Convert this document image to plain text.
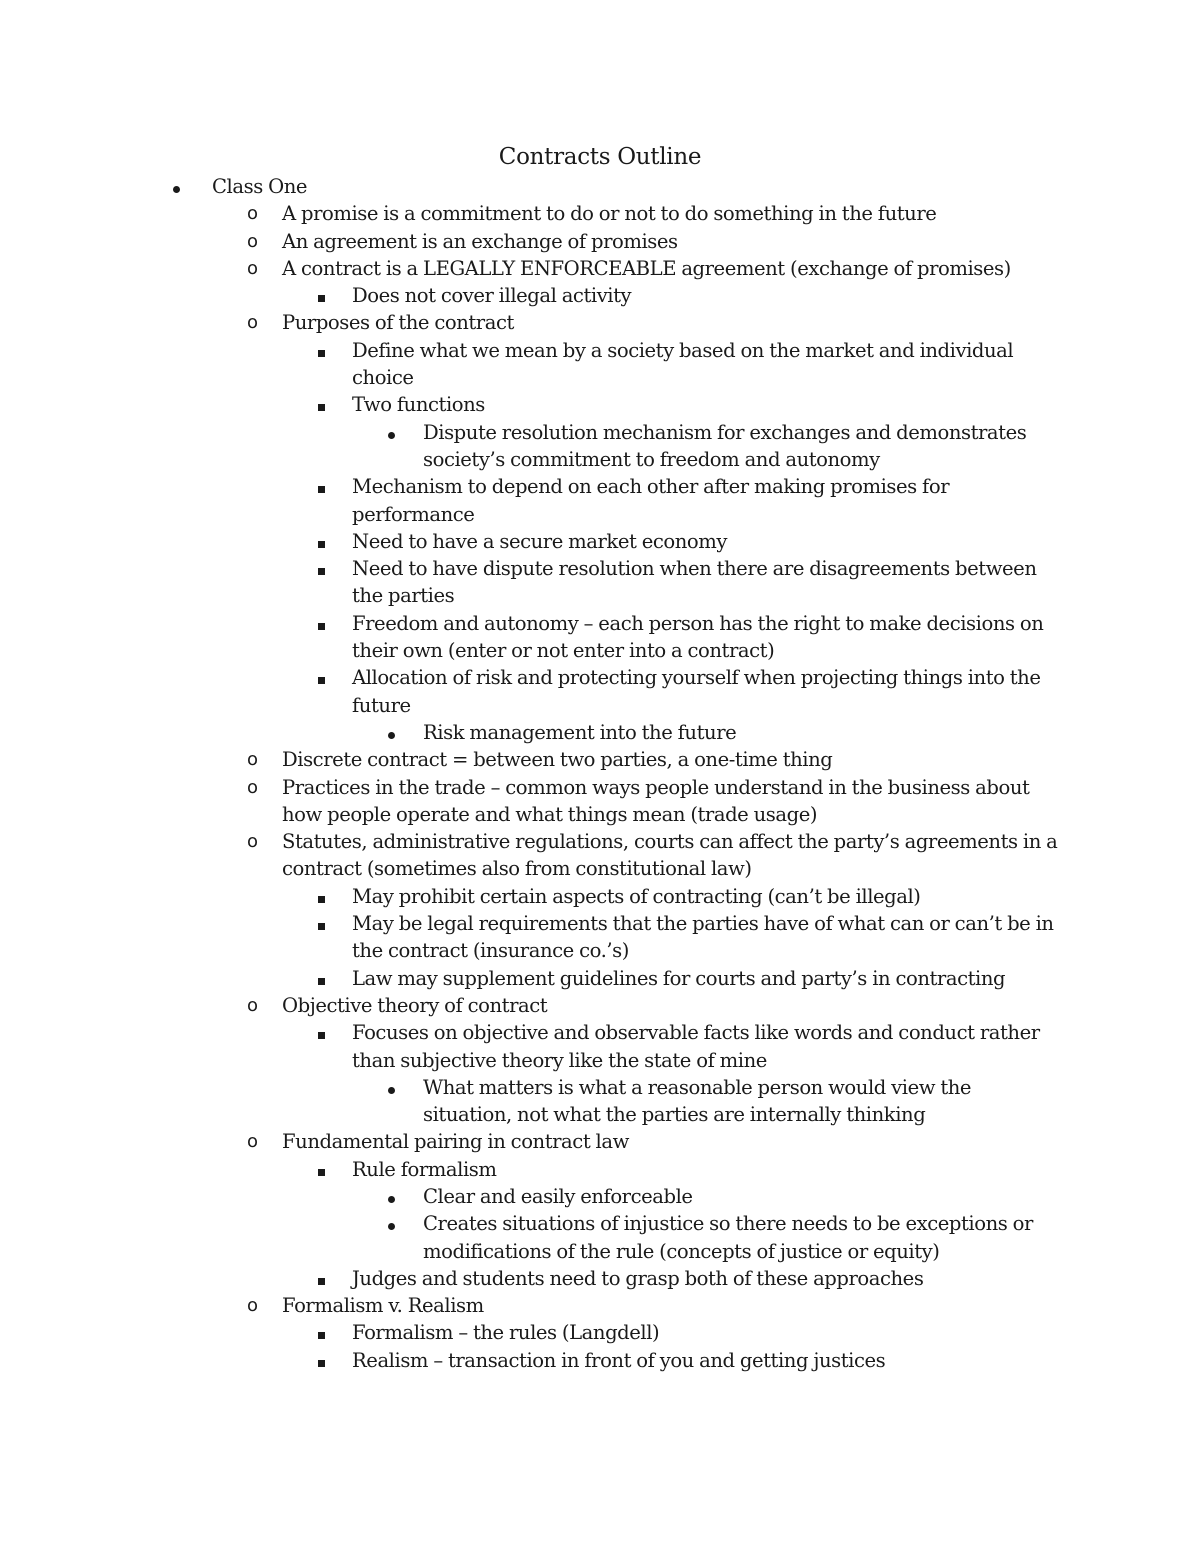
Contracts Outline
Class One
o A promise is a commitment to do or not to do something in the future
o An agreement is an exchange of promises
o A contract is a LEGALLY ENFORCEABLE agreement (exchange of promises)
Does not cover illegal activity
o Purposes of the contract
Define what we mean by a society based on the market and individual choice
Two functions
Dispute resolution mechanism for exchanges and demonstrates society’s commitment to freedom and autonomy
Mechanism to depend on each other after making promises for performance
Need to have a secure market economy
Need to have dispute resolution when there are disagreements between the parties
Freedom and autonomy – each person has the right to make decisions on their own (enter or not enter into a contract)
Allocation of risk and protecting yourself when projecting things into the future
Risk management into the future
o Discrete contract = between two parties, a one-time thing
o Practices in the trade – common ways people understand in the business about how people operate and what things mean (trade usage)
o Statutes, administrative regulations, courts can affect the party’s agreements in a contract (sometimes also from constitutional law)
May prohibit certain aspects of contracting (can’t be illegal)
May be legal requirements that the parties have of what can or can’t be in the contract (insurance co.’s)
Law may supplement guidelines for courts and party’s in contracting
o Objective theory of contract
Focuses on objective and observable facts like words and conduct rather than subjective theory like the state of mine
What matters is what a reasonable person would view the situation, not what the parties are internally thinking
o Fundamental pairing in contract law
Rule formalism
Clear and easily enforceable
Creates situations of injustice so there needs to be exceptions or modifications of the rule (concepts of justice or equity)
Judges and students need to grasp both of these approaches
o Formalism v. Realism
Formalism – the rules (Langdell)
Realism – transaction in front of you and getting justices
